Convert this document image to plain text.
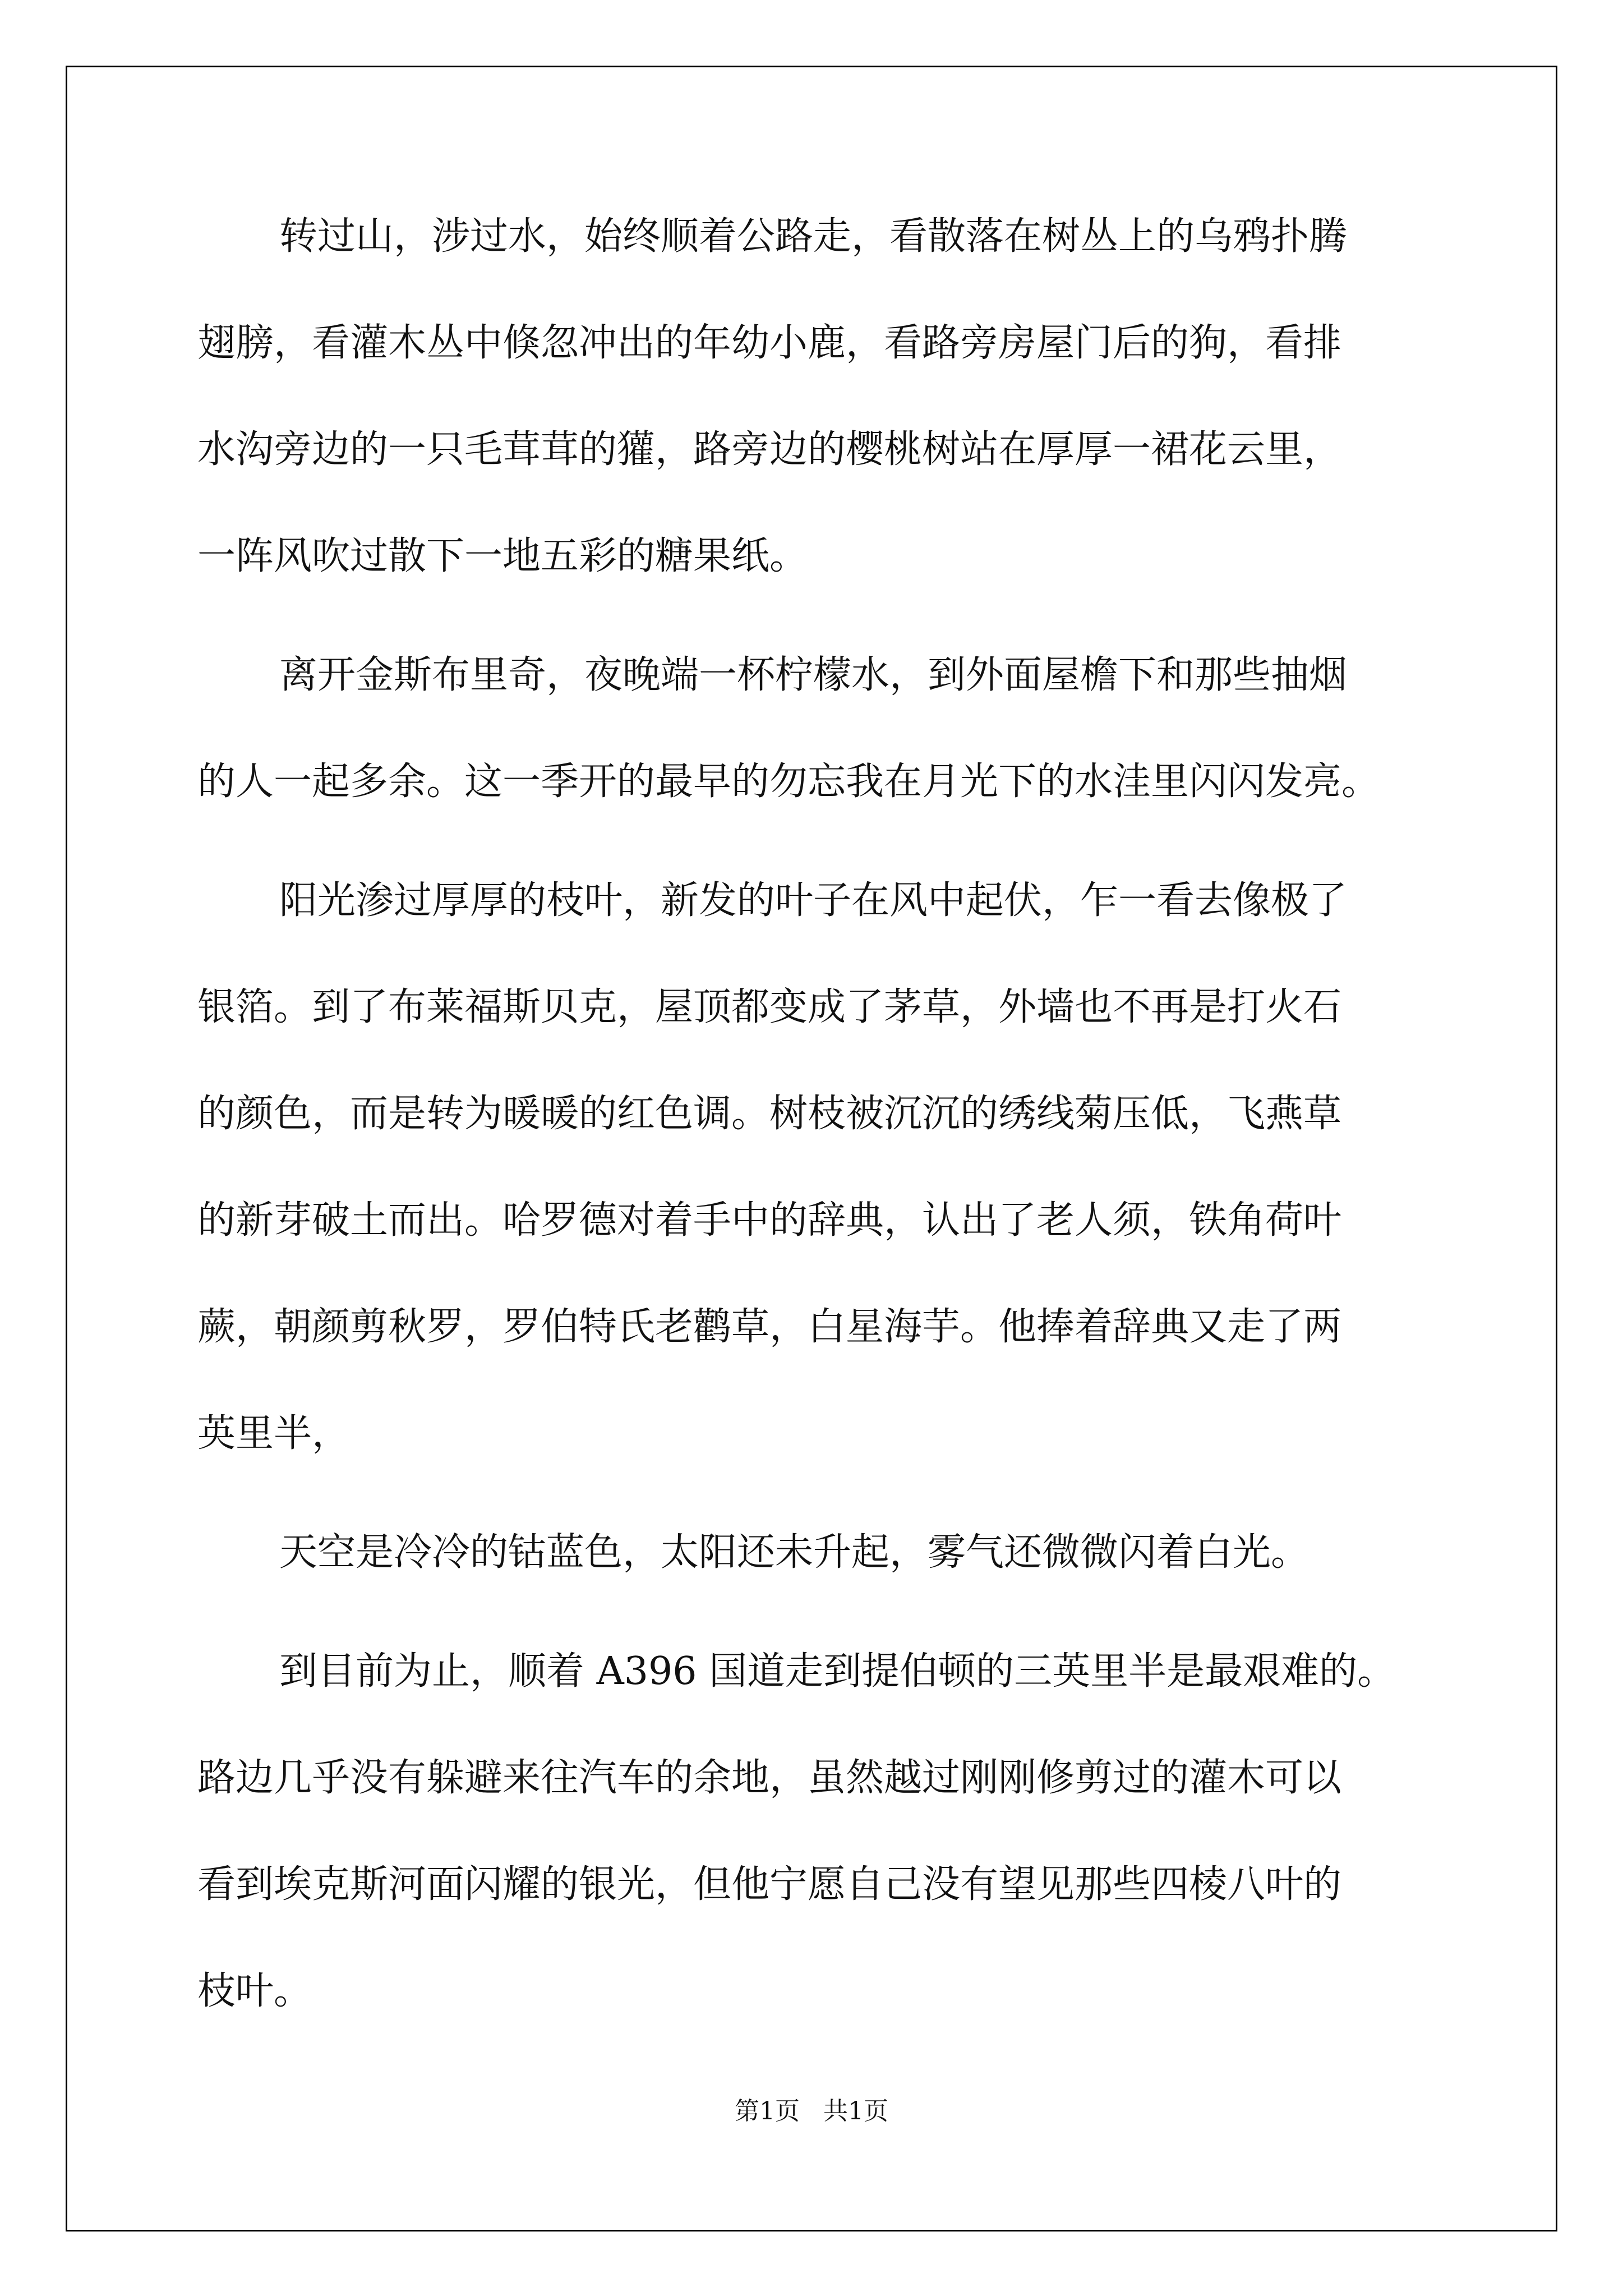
转过山，涉过水，始终顺着公路走，看散落在树丛上的乌鸦扑腾
翅膀，看灌木丛中倏忽冲出的年幼小鹿，看路旁房屋门后的狗，看排
水沟旁边的一只毛茸茸的獾，路旁边的樱桃树站在厚厚一裙花云里，
一阵风吹过散下一地五彩的糖果纸。
离开金斯布里奇，夜晚端一杯柠檬水，到外面屋檐下和那些抽烟
的人一起多余。这一季开的最早的勿忘我在月光下的水洼里闪闪发亮。
阳光渗过厚厚的枝叶，新发的叶子在风中起伏，乍一看去像极了
银箔。到了布莱福斯贝克，屋顶都变成了茅草，外墙也不再是打火石
的颜色，而是转为暖暖的红色调。树枝被沉沉的绣线菊压低，飞燕草
的新芽破土而出。哈罗德对着手中的辞典，认出了老人须，铁角荷叶
蕨，朝颜剪秋罗，罗伯特氏老鹳草，白星海芋。他捧着辞典又走了两
英里半，
天空是冷冷的钴蓝色，太阳还未升起，雾气还微微闪着白光。
到目前为止，顺着 A396 国道走到提伯顿的三英里半是最艰难的。
路边几乎没有躲避来往汽车的余地，虽然越过刚刚修剪过的灌木可以
看到埃克斯河面闪耀的银光，但他宁愿自己没有望见那些四棱八叶的
枝叶。
第1页   共1页
